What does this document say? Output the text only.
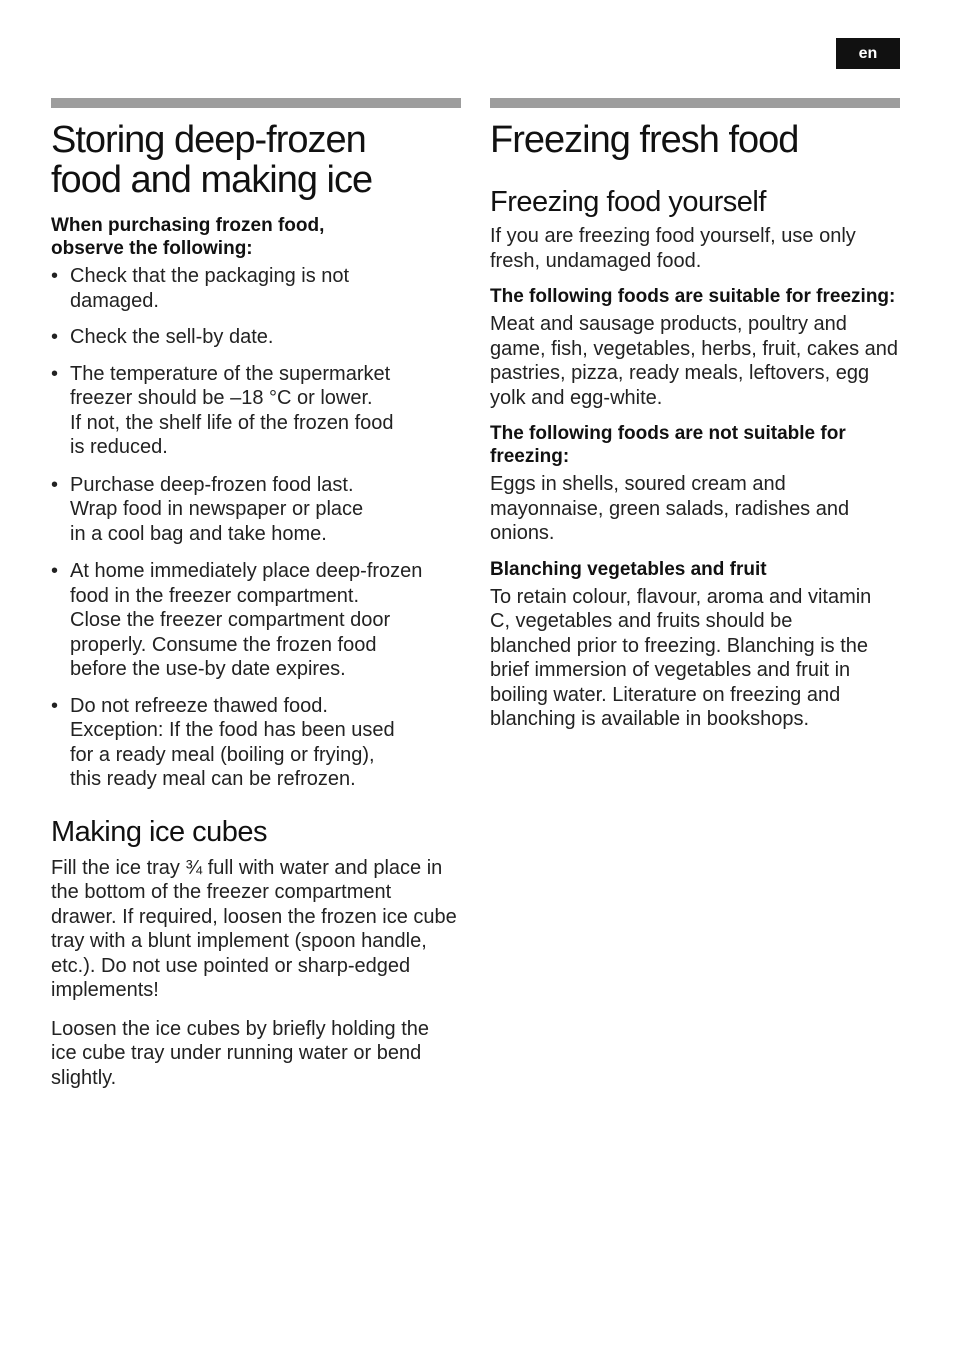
en
Storing deep-frozen
food and making ice
When purchasing frozen food, observe the following:
• Check that the packaging is not
damaged.
• Check the sell-by date.
• The temperature of the supermarket
freezer should be –18 °C or lower.
If not, the shelf life of the frozen food
is reduced.
• Purchase deep-frozen food last.
Wrap food in newspaper or place
in a cool bag and take home.
• At home immediately place deep-frozen
food in the freezer compartment.
Close the freezer compartment door
properly. Consume the frozen food
before the use-by date expires.
• Do not refreeze thawed food.
Exception: If the food has been used
for a ready meal (boiling or frying),
this ready meal can be refrozen.
Making ice cubes

Fill the ice tray ¾ full with water and place in the bottom of the freezer compartment drawer. If required, loosen the frozen ice cube tray with a blunt implement (spoon handle, etc.). Do not use pointed or sharp-edged implements!

Loosen the ice cubes by briefly holding the ice cube tray under running water or bend slightly.

Freezing fresh food
Freezing food yourself

If you are freezing food yourself, use only fresh, undamaged food.

The following foods are suitable for freezing:

Meat and sausage products, poultry and game, fish, vegetables, herbs, fruit, cakes and pastries, pizza, ready meals, leftovers, egg yolk and egg-white.

The following foods are not suitable for freezing:

Eggs in shells, soured cream and mayonnaise, green salads, radishes and onions.

Blanching vegetables and fruit

To retain colour, flavour, aroma and vitamin C, vegetables and fruits should be blanched prior to freezing. Blanching is the brief immersion of vegetables and fruit in boiling water. Literature on freezing and blanching is available in bookshops.
